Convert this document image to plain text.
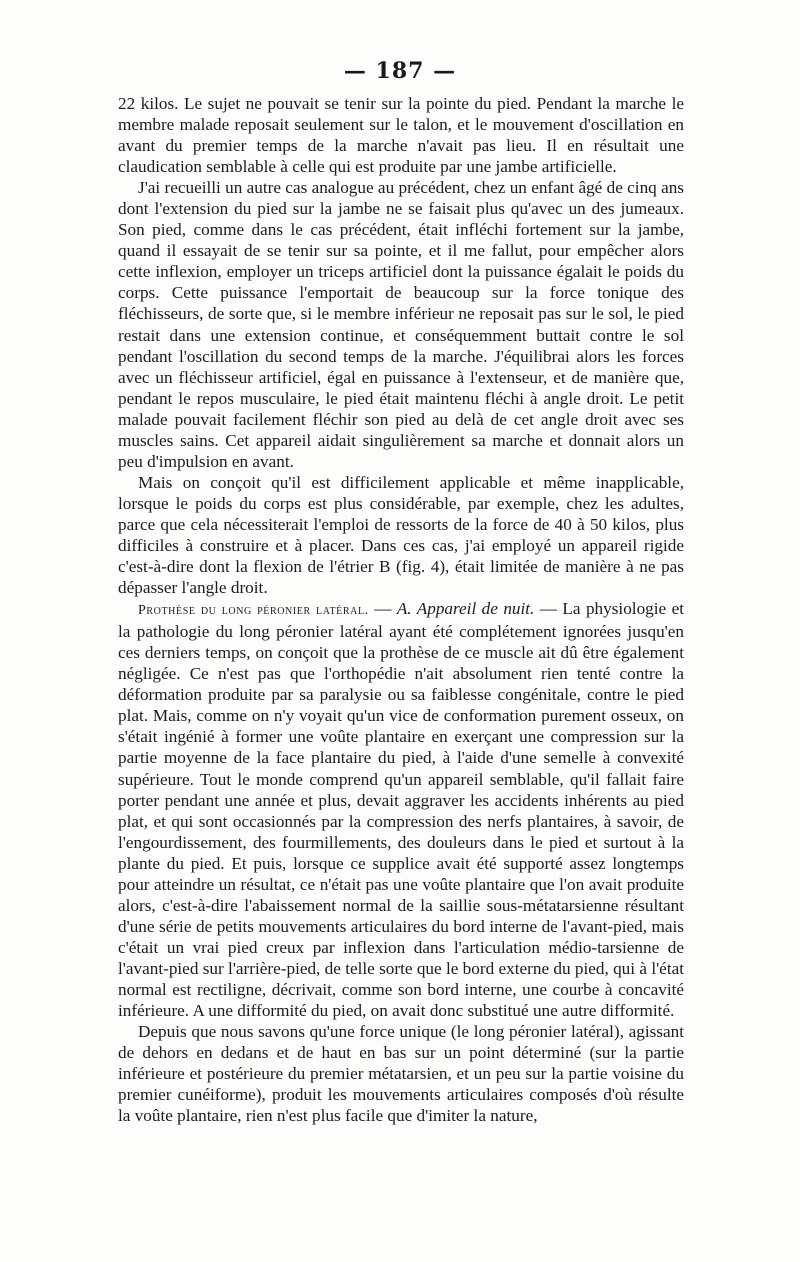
— 187 —

22 kilos. Le sujet ne pouvait se tenir sur la pointe du pied. Pendant la marche le membre malade reposait seulement sur le talon, et le mouvement d'oscillation en avant du premier temps de la marche n'avait pas lieu. Il en résultait une claudication semblable à celle qui est produite par une jambe artificielle.

J'ai recueilli un autre cas analogue au précédent, chez un enfant âgé de cinq ans dont l'extension du pied sur la jambe ne se faisait plus qu'avec un des jumeaux. Son pied, comme dans le cas précédent, était infléchi fortement sur la jambe, quand il essayait de se tenir sur sa pointe, et il me fallut, pour empêcher alors cette inflexion, employer un triceps artificiel dont la puissance égalait le poids du corps. Cette puissance l'emportait de beaucoup sur la force tonique des fléchisseurs, de sorte que, si le membre inférieur ne reposait pas sur le sol, le pied restait dans une extension continue, et conséquemment buttait contre le sol pendant l'oscillation du second temps de la marche. J'équilibrai alors les forces avec un fléchisseur artificiel, égal en puissance à l'extenseur, et de manière que, pendant le repos musculaire, le pied était maintenu fléchi à angle droit. Le petit malade pouvait facilement fléchir son pied au delà de cet angle droit avec ses muscles sains. Cet appareil aidait singulièrement sa marche et donnait alors un peu d'impulsion en avant.

Mais on conçoit qu'il est difficilement applicable et même inapplicable, lorsque le poids du corps est plus considérable, par exemple, chez les adultes, parce que cela nécessiterait l'emploi de ressorts de la force de 40 à 50 kilos, plus difficiles à construire et à placer. Dans ces cas, j'ai employé un appareil rigide c'est-à-dire dont la flexion de l'étrier B (fig. 4), était limitée de manière à ne pas dépasser l'angle droit.

Prothèse du long péronier latéral. — A. Appareil de nuit. — La physiologie et la pathologie du long péronier latéral ayant été complétement ignorées jusqu'en ces derniers temps, on conçoit que la prothèse de ce muscle ait dû être également négligée. Ce n'est pas que l'orthopédie n'ait absolument rien tenté contre la déformation produite par sa paralysie ou sa faiblesse congénitale, contre le pied plat. Mais, comme on n'y voyait qu'un vice de conformation purement osseux, on s'était ingénié à former une voûte plantaire en exerçant une compression sur la partie moyenne de la face plantaire du pied, à l'aide d'une semelle à convexité supérieure. Tout le monde comprend qu'un appareil semblable, qu'il fallait faire porter pendant une année et plus, devait aggraver les accidents inhérents au pied plat, et qui sont occasionnés par la compression des nerfs plantaires, à savoir, de l'engourdissement, des fourmillements, des douleurs dans le pied et surtout à la plante du pied. Et puis, lorsque ce supplice avait été supporté assez longtemps pour atteindre un résultat, ce n'était pas une voûte plantaire que l'on avait produite alors, c'est-à-dire l'abaissement normal de la saillie sous-métatarsienne résultant d'une série de petits mouvements articulaires du bord interne de l'avant-pied, mais c'était un vrai pied creux par inflexion dans l'articulation médio-tarsienne de l'avant-pied sur l'arrière-pied, de telle sorte que le bord externe du pied, qui à l'état normal est rectiligne, décrivait, comme son bord interne, une courbe à concavité inférieure. A une difformité du pied, on avait donc substitué une autre difformité.

Depuis que nous savons qu'une force unique (le long péronier latéral), agissant de dehors en dedans et de haut en bas sur un point déterminé (sur la partie inférieure et postérieure du premier métatarsien, et un peu sur la partie voisine du premier cunéiforme), produit les mouvements articulaires composés d'où résulte la voûte plantaire, rien n'est plus facile que d'imiter la nature,
